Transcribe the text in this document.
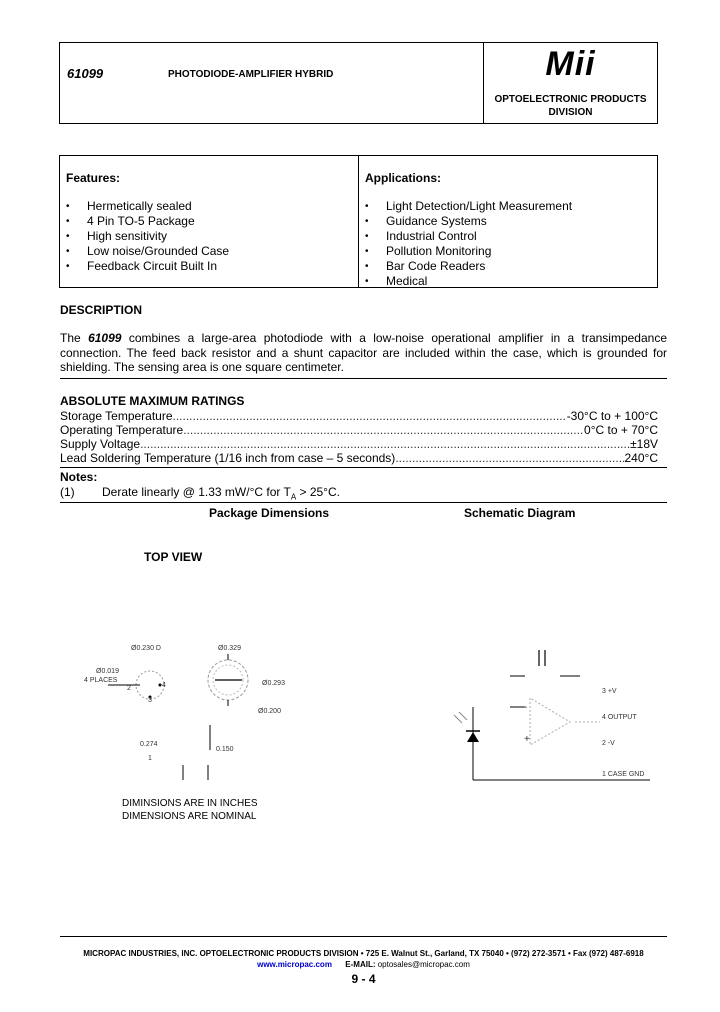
61099	PHOTODIODE-AMPLIFIER HYBRID	Mii
OPTOELECTRONIC PRODUCTS
DIVISION
Features:
• Hermetically sealed
• 4 Pin TO-5 Package
• High sensitivity
• Low noise/Grounded Case
• Feedback Circuit Built In
Applications:
• Light Detection/Light Measurement
• Guidance Systems
• Industrial Control
• Pollution Monitoring
• Bar Code Readers
• Medical
DESCRIPTION
The 61099 combines a large-area photodiode with a low-noise operational amplifier in a transimpedance connection. The feed back resistor and a shunt capacitor are included within the case, which is grounded for shielding. The sensing area is one square centimeter.
ABSOLUTE MAXIMUM RATINGS
Storage Temperature .....	-30°C to + 100°C
Operating Temperature .....	0°C to + 70°C
Supply Voltage .....	±18V
Lead Soldering Temperature (1/16 inch from case – 5 seconds) .....	240°C
Notes:
(1) Derate linearly @ 1.33 mW/°C for $T_A > 25^\circ C$.
Package Dimensions	Schematic Diagram
TOP VIEW
Ø0.230 D	Ø0.329
Ø0.019
4 PLACES	Ø0.293
Ø0.200
0.274
0.150
1
2
3
4
DIMINSIONS ARE IN INCHES
DIMENSIONS ARE NOMINAL
-
+
3 +V
4 OUTPUT
2 -V
1 CASE GND
MICROPAC INDUSTRIES, INC. OPTOELECTRONIC PRODUCTS DIVISION • 725 E. Walnut St., Garland, TX 75040 • (972) 272-3571 • Fax (972) 487-6918
www.micropac.com E-MAIL: optosales@micropac.com
9 - 4
